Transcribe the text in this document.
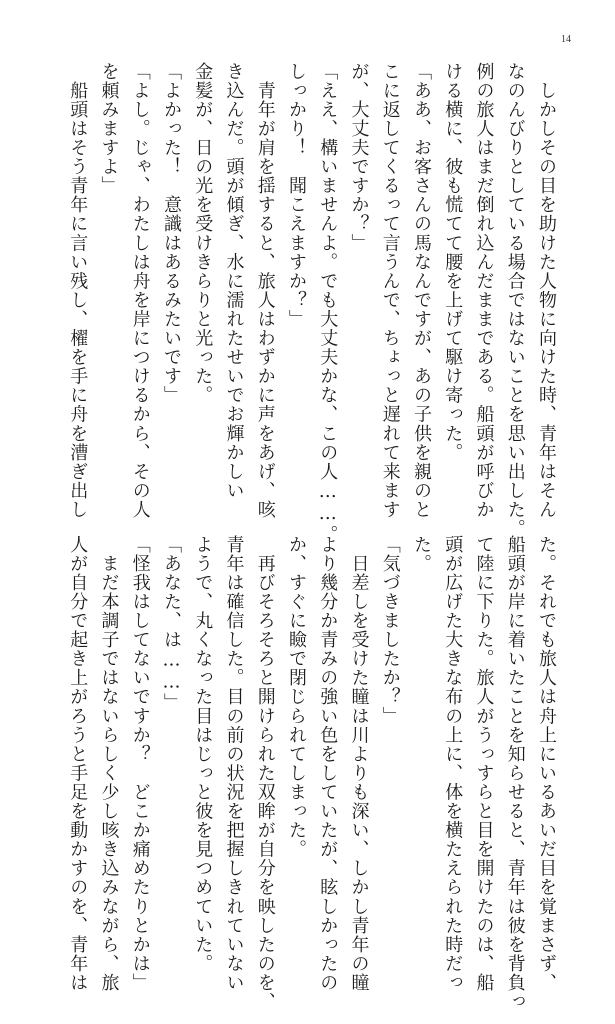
14
　しかしその目を助けた人物に向けた時、青年はそん
なのんびりとしている場合ではないことを思い出した。
例の旅人はまだ倒れ込んだままである。船頭が呼びか
ける横に、彼も慌てて腰を上げて駆け寄った。
「ああ、お客さんの馬なんですが、あの子供を親のと
こに返してくるって言うんで、ちょっと遅れて来ます
が、大丈夫ですか？」
「ええ、構いませんよ。でも大丈夫かな、この人……。
しっかり！　聞こえますか？」
　青年が肩を揺すると、旅人はわずかに声をあげ、咳
き込んだ。頭が傾ぎ、水に濡れたせいでお輝かしい
金髪が、日の光を受けきらりと光った。
「よかった！　意識はあるみたいです」
「よし。じゃ、わたしは舟を岸につけるから、その人
を頼みますよ」
　船頭はそう青年に言い残し、櫂を手に舟を漕ぎ出し
た。それでも旅人は舟上にいるあいだ目を覚まさず、
船頭が岸に着いたことを知らせると、青年は彼を背負っ
て陸に下りた。旅人がうっすらと目を開けたのは、船
頭が広げた大きな布の上に、体を横たえられた時だっ
た。
「気づきましたか？」
　日差しを受けた瞳は川よりも深い、しかし青年の瞳
より幾分か青みの強い色をしていたが、眩しかったの
か、すぐに瞼で閉じられてしまった。
　再びそろそろと開けられた双眸が自分を映したのを、
青年は確信した。目の前の状況を把握しきれていない
ようで、丸くなった目はじっと彼を見つめていた。
「あなた、は……」
「怪我はしてないですか？　どこか痛めたりとかは」
　まだ本調子ではないらしく少し咳き込みながら、旅
人が自分で起き上がろうと手足を動かすのを、青年は
